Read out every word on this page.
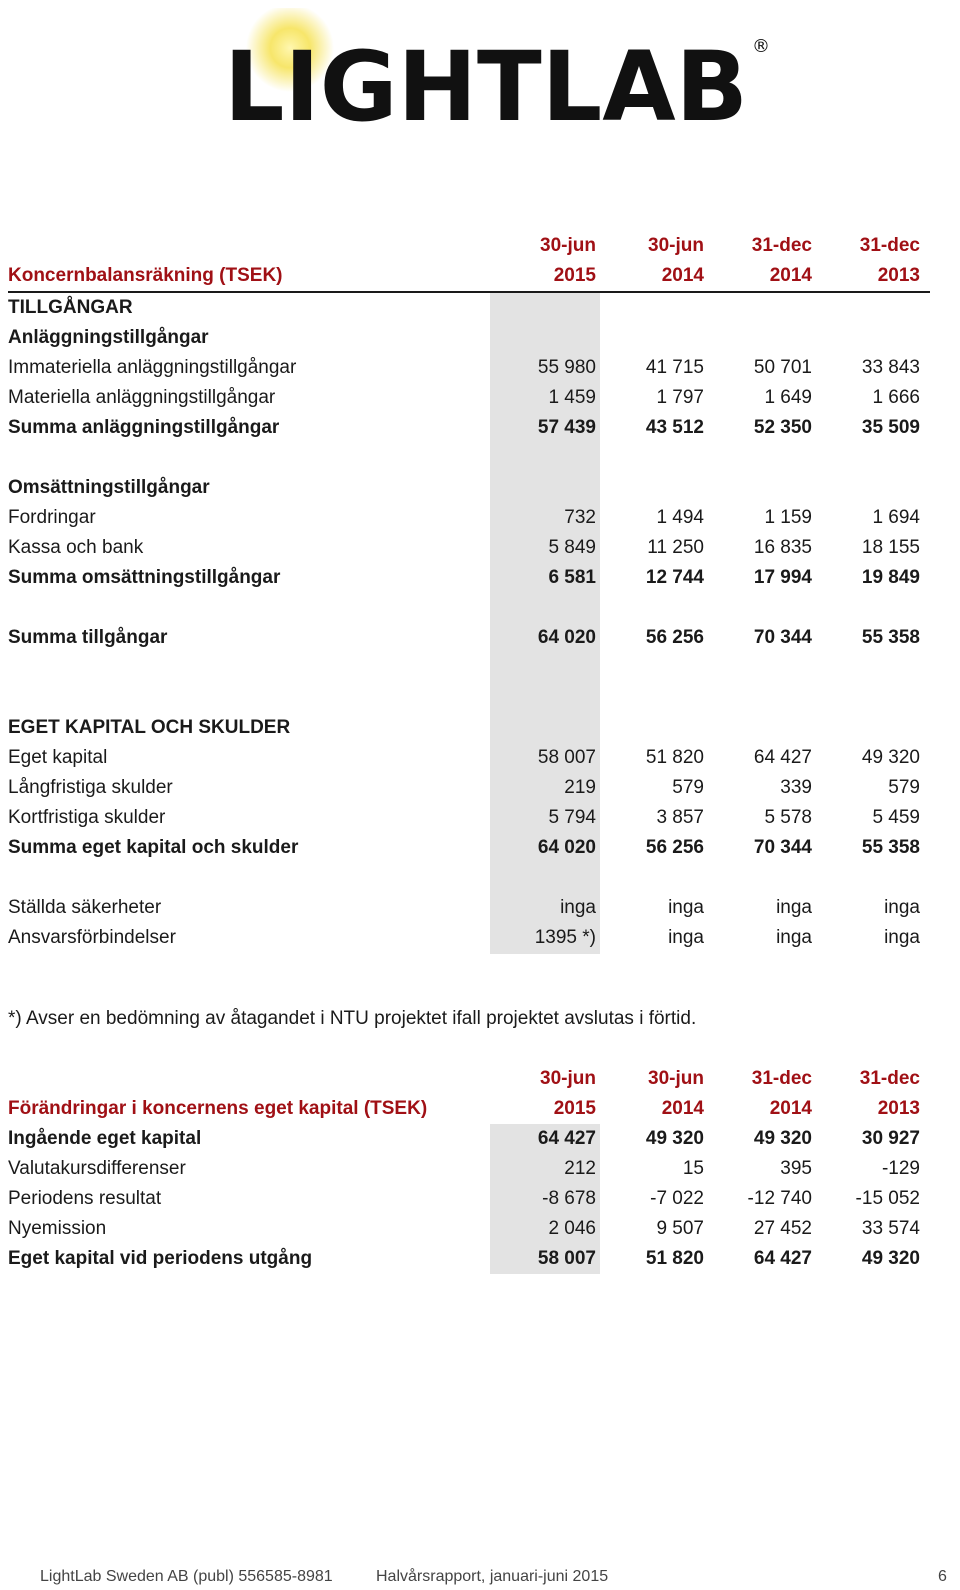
LIGHTLAB ®
30-jun	30-jun	31-dec	31-dec
Koncernbalansräkning (TSEK)	2015	2014	2014	2013
TILLGÅNGAR
Anläggningstillgångar
Immateriella anläggningstillgångar	55 980	41 715	50 701	33 843
Materiella anläggningstillgångar	1 459	1 797	1 649	1 666
Summa anläggningstillgångar	57 439	43 512	52 350	35 509
Omsättningstillgångar
Fordringar	732	1 494	1 159	1 694
Kassa och bank	5 849	11 250	16 835	18 155
Summa omsättningstillgångar	6 581	12 744	17 994	19 849
Summa tillgångar	64 020	56 256	70 344	55 358
EGET KAPITAL OCH SKULDER
Eget kapital	58 007	51 820	64 427	49 320
Långfristiga skulder	219	579	339	579
Kortfristiga skulder	5 794	3 857	5 578	5 459
Summa eget kapital och skulder	64 020	56 256	70 344	55 358
Ställda säkerheter	inga	inga	inga	inga
Ansvarsförbindelser	1395 *)	inga	inga	inga
*) Avser en bedömning av åtagandet i NTU projektet ifall projektet avslutas i förtid.
30-jun	30-jun	31-dec	31-dec
Förändringar i koncernens eget kapital (TSEK)	2015	2014	2014	2013
Ingående eget kapital	64 427	49 320	49 320	30 927
Valutakursdifferenser	212	15	395	-129
Periodens resultat	-8 678	-7 022	-12 740	-15 052
Nyemission	2 046	9 507	27 452	33 574
Eget kapital vid periodens utgång	58 007	51 820	64 427	49 320
LightLab Sweden AB (publ) 556585-8981	Halvårsrapport, januari-juni 2015	6
